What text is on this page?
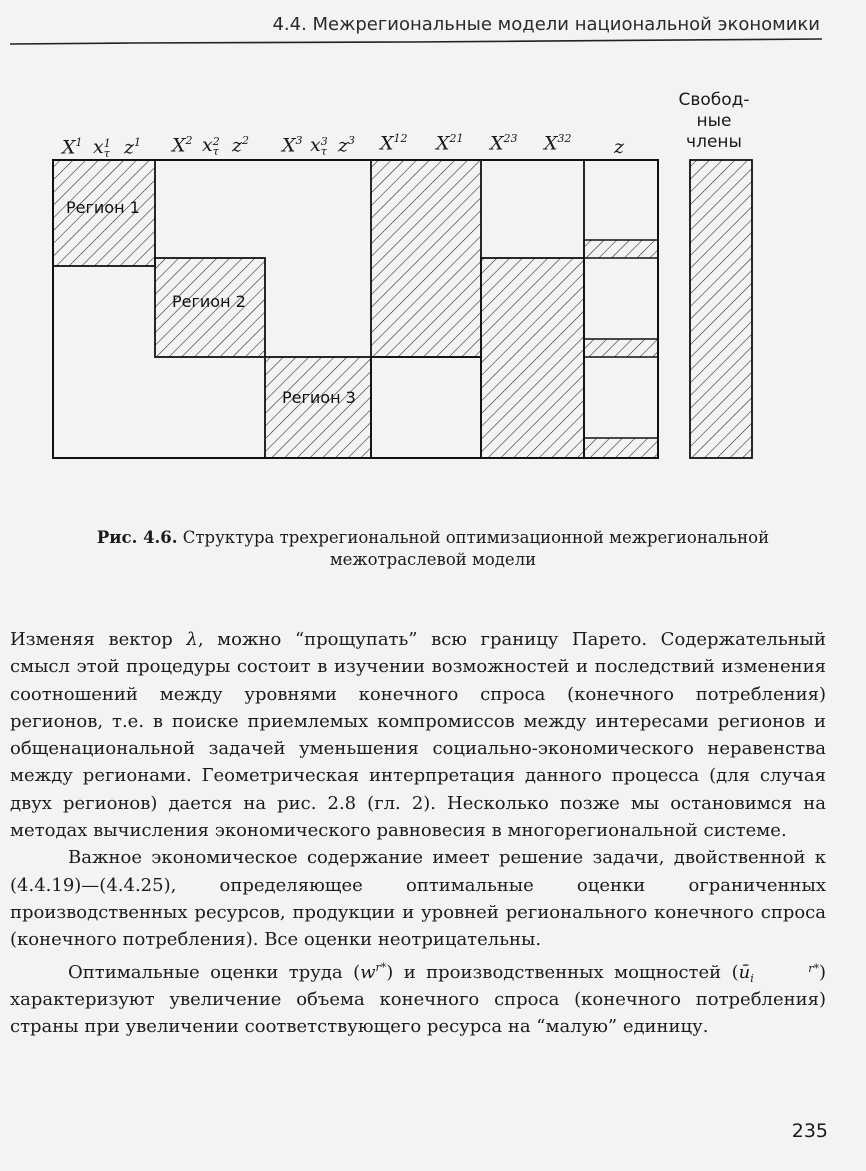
4.4. Межрегиональные модели национальной экономики
$X^1$ x1
τ $z^1$ $X^2$ x2
τ $z^2$ $X^3$ x3
τ $z^3$ $X^{12}$ $X^{21}$ $X^{23}$ $X^{32}$ z
Свобод-
ные
члены
Регион 1
Регион 2
Регион 3
Рис. 4.6. Структура трехрегиональной оптимизационной межрегиональной
межотраслевой модели

Изменяя вектор λ, можно “прощупать” всю границу Парето. Содержательный смысл этой процедуры состоит в изучении возможностей и последствий изменения соотношений между уровнями конечного спроса (конечного потребления) регионов, т.е. в поиске приемлемых компромиссов между интересами регионов и общенациональной задачей уменьшения социально-экономического неравенства между регионами. Геометрическая интерпретация данного процесса (для случая двух регионов) дается на рис. 2.8 (гл. 2). Несколько позже мы остановимся на методах вычисления экономического равновесия в многорегиональной системе.

Важное экономическое содержание имеет решение задачи, двойственной к (4.4.19)—(4.4.25), определяющее оптимальные оценки ограниченных производственных ресурсов, продукции и уровней регионального конечного спроса (конечного потребления). Все оценки неотрицательны.

Оптимальные оценки труда $(w^{r*})$ и производственных мощностей (ū	r*
i	) характеризуют увеличение объема конечного спроса (конечного потребления) страны при увеличении соответствующего ресурса на “малую” единицу.

235
